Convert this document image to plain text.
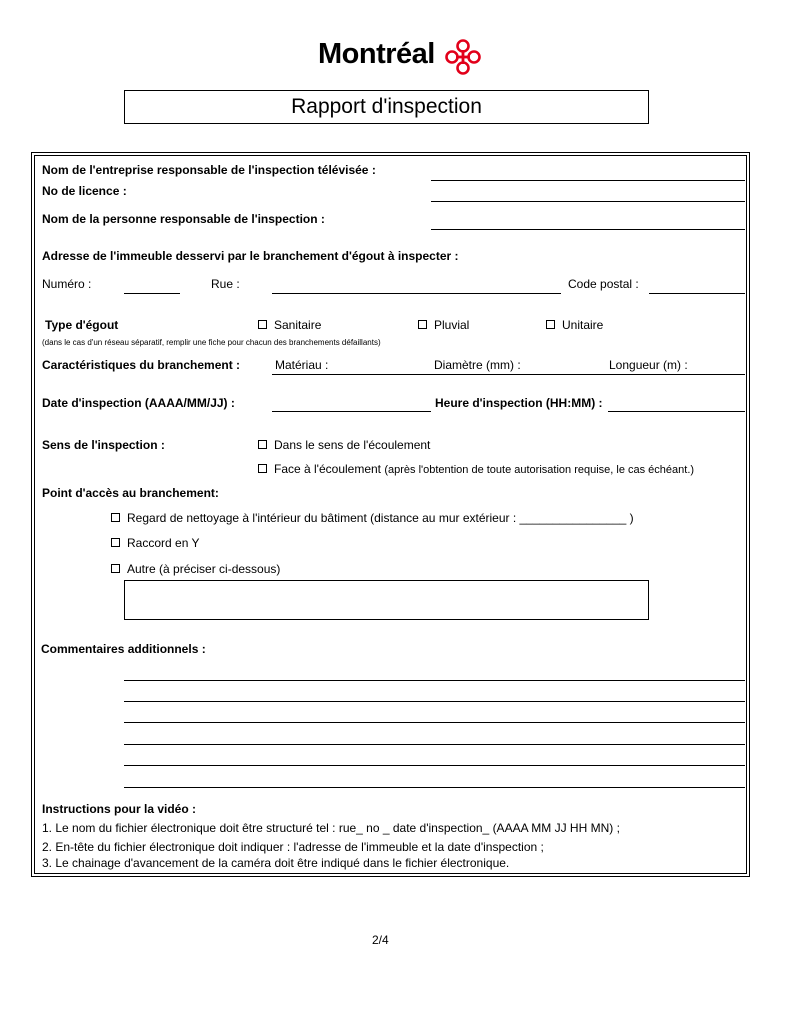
Montréal
Rapport d'inspection
Nom de l'entreprise responsable de l'inspection télévisée :
No de licence :
Nom de la personne responsable de l'inspection :
Adresse de l'immeuble desservi par le branchement d'égout à inspecter :
Numéro :	Rue :	Code postal :
Type d'égout	Sanitaire	Pluvial	Unitaire
(dans le cas d'un réseau séparatif, remplir une fiche pour chacun des branchements défaillants)
Caractéristiques du branchement :	Matériau :	Diamètre (mm) :	Longueur (m) :
Date d'inspection (AAAA/MM/JJ) :	Heure d'inspection (HH:MM) :
Sens de l'inspection :	Dans le sens de l'écoulement
Face à l'écoulement (après l'obtention de toute autorisation requise, le cas échéant.)
Point d'accès au branchement:
Regard de nettoyage à l'intérieur du bâtiment (distance au mur extérieur : ________________ )
Raccord en Y
Autre (à préciser ci-dessous)
Commentaires additionnels :
Instructions pour la vidéo :
1. Le nom du fichier électronique doit être structuré tel : rue_ no _ date d'inspection_ (AAAA MM JJ HH MN) ;
2. En-tête du fichier électronique doit indiquer : l'adresse de l'immeuble et la date d'inspection ;
3. Le chainage d'avancement de la caméra doit être indiqué dans le fichier électronique.
2/4
